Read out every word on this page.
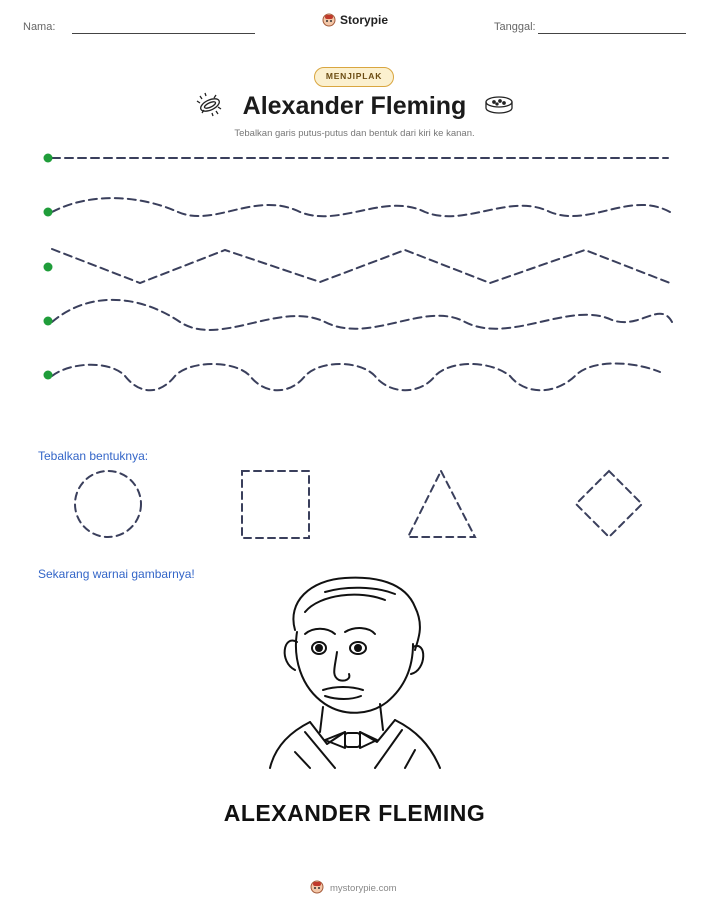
Nama:	Storypie	Tanggal:
MENJIPLAK
Alexander Fleming
Tebalkan garis putus-putus dan bentuk dari kiri ke kanan.
Tebalkan bentuknya:
Sekarang warnai gambarnya!
ALEXANDER FLEMING
mystorypie.com
